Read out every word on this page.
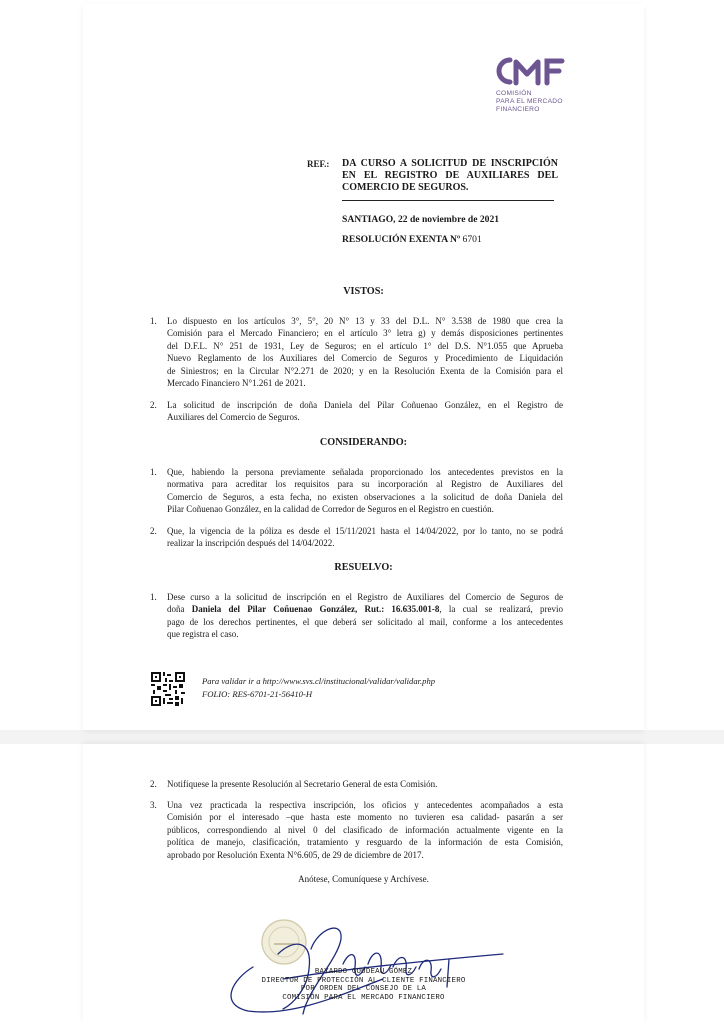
COMISIÓN
PARA EL MERCADO
FINANCIERO
REF.: DA CURSO A SOLICITUD DE INSCRIPCIÓN
EN EL REGISTRO DE AUXILIARES DEL
COMERCIO DE SEGUROS.
SANTIAGO, 22 de noviembre de 2021
RESOLUCIÓN EXENTA Nº 6701
VISTOS:
1. Lo dispuesto en los artículos 3°, 5°, 20 N° 13 y 33 del D.L. N° 3.538 de 1980 que crea la
Comisión para el Mercado Financiero; en el artículo 3° letra g) y demás disposiciones pertinentes
del D.F.L. N° 251 de 1931, Ley de Seguros; en el artículo 1° del D.S. N°1.055 que Aprueba
Nuevo Reglamento de los Auxiliares del Comercio de Seguros y Procedimiento de Liquidación
de Siniestros; en la Circular N°2.271 de 2020; y en la Resolución Exenta de la Comisión para el
Mercado Financiero N°1.261 de 2021.
2. La solicitud de inscripción de doña Daniela del Pilar Coñuenao González, en el Registro de
Auxiliares del Comercio de Seguros.
CONSIDERANDO:
1. Que, habiendo la persona previamente señalada proporcionado los antecedentes previstos en la
normativa para acreditar los requisitos para su incorporación al Registro de Auxiliares del
Comercio de Seguros, a esta fecha, no existen observaciones a la solicitud de doña Daniela del
Pilar Coñuenao González, en la calidad de Corredor de Seguros en el Registro en cuestión.
2. Que, la vigencia de la póliza es desde el 15/11/2021 hasta el 14/04/2022, por lo tanto, no se podrá
realizar la inscripción después del 14/04/2022.
RESUELVO:
1. Dese curso a la solicitud de inscripción en el Registro de Auxiliares del Comercio de Seguros de
doña Daniela del Pilar Coñuenao González, Rut.: 16.635.001-8, la cual se realizará, previo
pago de los derechos pertinentes, el que deberá ser solicitado al mail, conforme a los antecedentes
que registra el caso.
Para validar ir a http://www.svs.cl/institucional/validar/validar.php
FOLIO: RES-6701-21-56410-H
2. Notifíquese la presente Resolución al Secretario General de esta Comisión.
3. Una vez practicada la respectiva inscripción, los oficios y antecedentes acompañados a esta
Comisión por el interesado –que hasta este momento no tuvieren esa calidad- pasarán a ser
públicos, correspondiendo al nivel 0 del clasificado de información actualmente vigente en la
política de manejo, clasificación, tratamiento y resguardo de la información de esta Comisión,
aprobado por Resolución Exenta N°6.605, de 29 de diciembre de 2017.
Anótese, Comuníquese y Archívese.
BAYARDO GOUDEAU GÓMEZ
DIRECTOR DE PROTECCIÓN AL CLIENTE FINANCIERO
POR ORDEN DEL CONSEJO DE LA
COMISIÓN PARA EL MERCADO FINANCIERO
